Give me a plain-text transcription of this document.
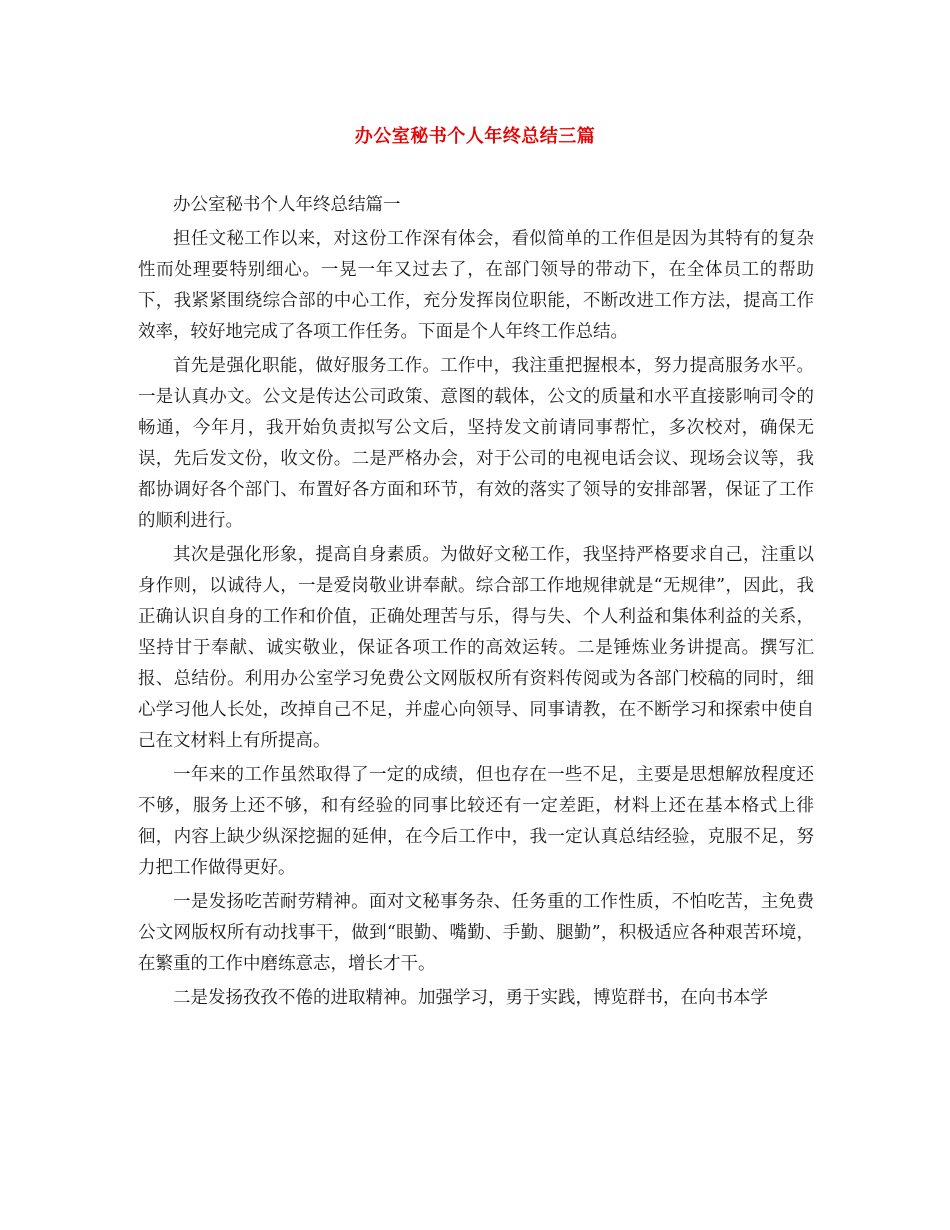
办公室秘书个人年终总结三篇

办公室秘书个人年终总结篇一

担任文秘工作以来，对这份工作深有体会，看似简单的工作但是因为其特有的复杂性而处理要特别细心。一晃一年又过去了，在部门领导的带动下，在全体员工的帮助下，我紧紧围绕综合部的中心工作，充分发挥岗位职能，不断改进工作方法，提高工作效率，较好地完成了各项工作任务。下面是个人年终工作总结。

首先是强化职能，做好服务工作。工作中，我注重把握根本，努力提高服务水平。一是认真办文。公文是传达公司政策、意图的载体，公文的质量和水平直接影响司令的畅通，今年月，我开始负责拟写公文后，坚持发文前请同事帮忙，多次校对，确保无误，先后发文份，收文份。二是严格办会，对于公司的电视电话会议、现场会议等，我都协调好各个部门、布置好各方面和环节，有效的落实了领导的安排部署，保证了工作的顺利进行。

其次是强化形象，提高自身素质。为做好文秘工作，我坚持严格要求自己，注重以身作则，以诚待人，一是爱岗敬业讲奉献。综合部工作地规律就是“无规律”，因此，我正确认识自身的工作和价值，正确处理苦与乐，得与失、个人利益和集体利益的关系，坚持甘于奉献、诚实敬业，保证各项工作的高效运转。二是锤炼业务讲提高。撰写汇报、总结份。利用办公室学习免费公文网版权所有资料传阅或为各部门校稿的同时，细心学习他人长处，改掉自己不足，并虚心向领导、同事请教，在不断学习和探索中使自己在文材料上有所提高。

一年来的工作虽然取得了一定的成绩，但也存在一些不足，主要是思想解放程度还不够，服务上还不够，和有经验的同事比较还有一定差距，材料上还在基本格式上徘徊，内容上缺少纵深挖掘的延伸，在今后工作中，我一定认真总结经验，克服不足，努力把工作做得更好。

一是发扬吃苦耐劳精神。面对文秘事务杂、任务重的工作性质，不怕吃苦，主免费公文网版权所有动找事干，做到“眼勤、嘴勤、手勤、腿勤”，积极适应各种艰苦环境，在繁重的工作中磨练意志，增长才干。

二是发扬孜孜不倦的进取精神。加强学习，勇于实践，博览群书，在向书本学
